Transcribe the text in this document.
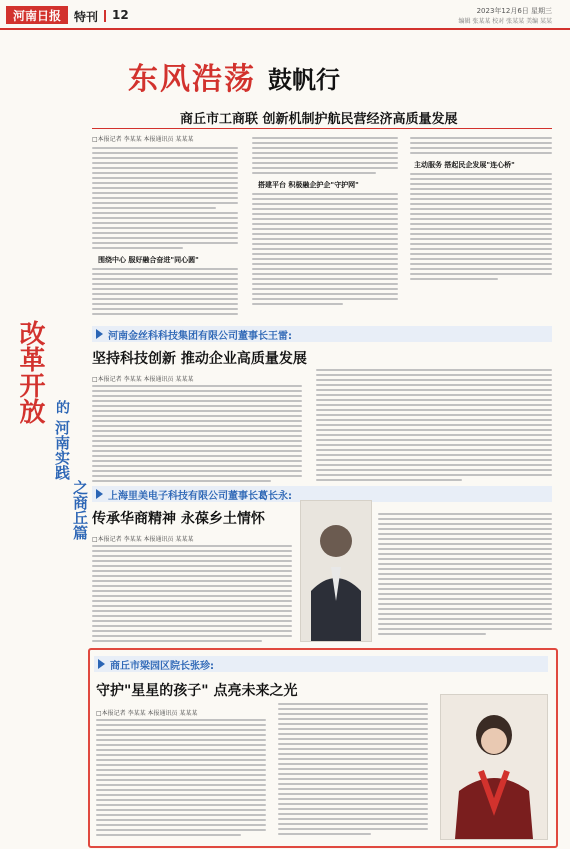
河南日报 特刊 12	2023年12月6日 星期三
编辑 张某某 校对 张某某 美编 某某
东风浩荡 鼓帆行
商丘市工商联 创新机制护航民营经济高质量发展
改革开放 的
河南实践
之商丘篇
□本报记者 李某某 本报通讯员 某某某
围绕中心 服好融合奋进"同心圆"
搭建平台 积极融企护企"守护网"
主动服务 搭起民企发展"连心桥"
河南金丝科科技集团有限公司董事长王雷:
坚持科技创新 推动企业高质量发展
□本报记者 李某某 本报通讯员 某某某
上海里美电子科技有限公司董事长葛长永:
传承华商精神 永葆乡土情怀
□本报记者 李某某 本报通讯员 某某某
商丘市梁园区院长张珍:
守护"星星的孩子" 点亮未来之光
□本报记者 李某某 本报通讯员 某某某
